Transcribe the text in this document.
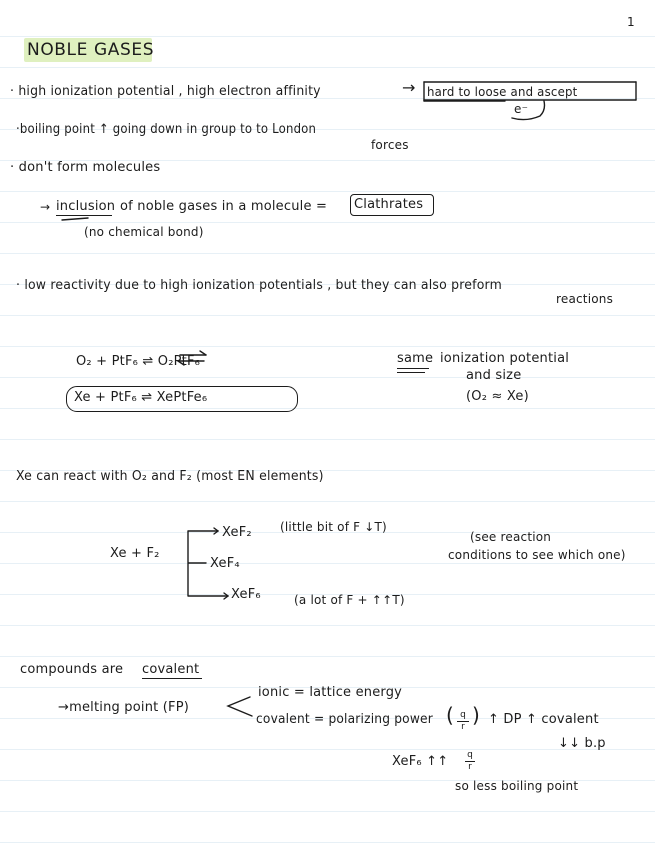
1
NOBLE GASES
· high ionization potential , high electron affinity	→ hard to loose and ascept
e⁻
·boiling point ↑ going down in group to to London
forces
· don't form molecules
→ inclusion of noble gases in a molecule = Clathrates
(no chemical bond)
· low reactivity due to high ionization potentials , but they can also preform
reactions
O₂ + PtF₆ ⇌ O₂PtF₆
Xe + PtF₆ ⇌ XePtFe₆
same ionization potential
and size
(O₂ ≈ Xe)
Xe can react with O₂ and F₂ (most EN elements)
Xe + F₂
XeF₂ (little bit of F ↓T)
XeF₄
XeF₆	(a lot of F + ↑↑T)
(see reaction
conditions to see which one)
compounds are covalent
→melting point (FP)
ionic = lattice energy
covalent = polarizing power ( q
r ) ↑ DP ↑ covalent
↓↓ b.p
XeF₆ ↑↑ q
r
so less boiling point
